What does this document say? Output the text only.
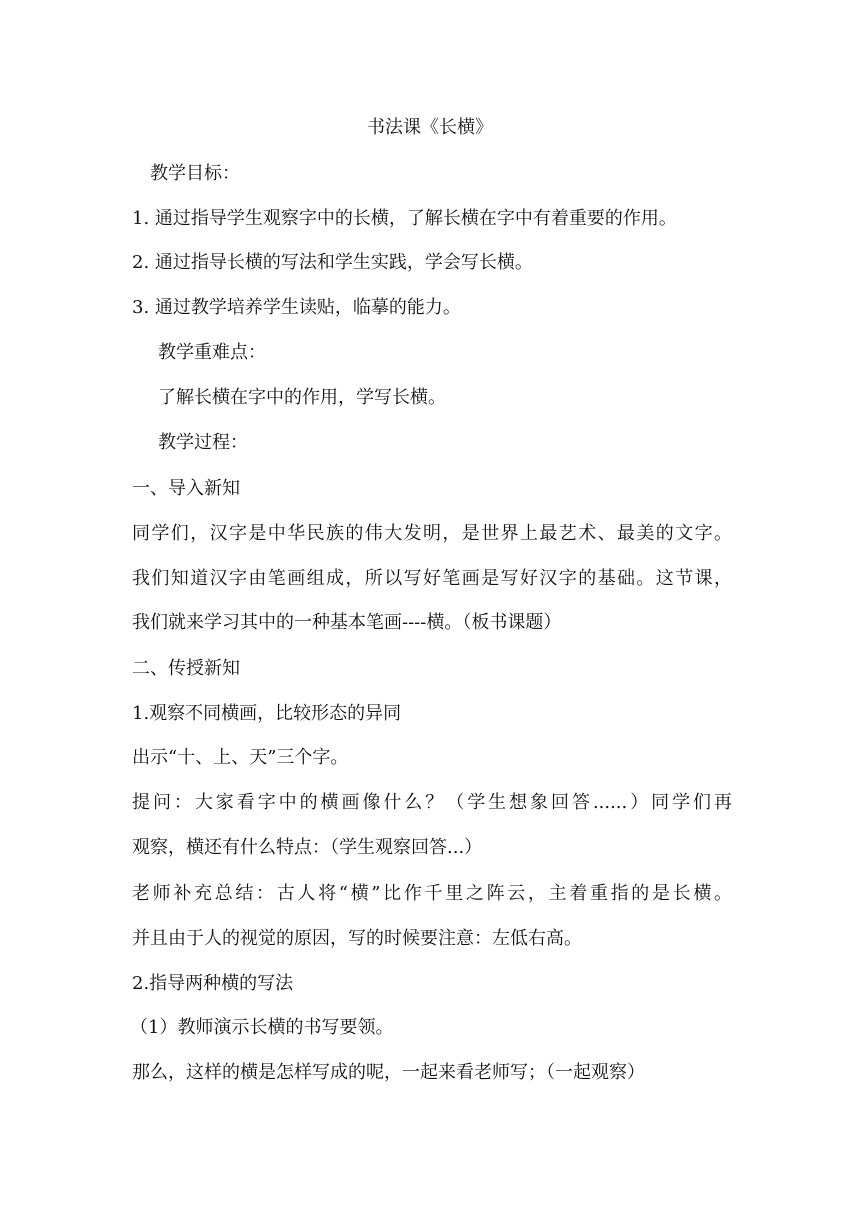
书法课《长横》
教学目标：
1. 通过指导学生观察字中的长横，了解长横在字中有着重要的作用。
2. 通过指导长横的写法和学生实践，学会写长横。
3. 通过教学培养学生读贴，临摹的能力。
教学重难点：
了解长横在字中的作用，学写长横。
教学过程：
一、导入新知
同学们，汉字是中华民族的伟大发明，是世界上最艺术、最美的文字。
我们知道汉字由笔画组成，所以写好笔画是写好汉字的基础。这节课，
我们就来学习其中的一种基本笔画----横。（板书课题）
二、传授新知
1.观察不同横画，比较形态的异同
出示“十、上、天”三个字。
提问：大家看字中的横画像什么？（学生想象回答......）同学们再
观察，横还有什么特点：（学生观察回答...）
老师补充总结：古人将“横”比作千里之阵云，主着重指的是长横。
并且由于人的视觉的原因，写的时候要注意：左低右高。
2.指导两种横的写法
（1）教师演示长横的书写要领。
那么，这样的横是怎样写成的呢，一起来看老师写；（一起观察）
